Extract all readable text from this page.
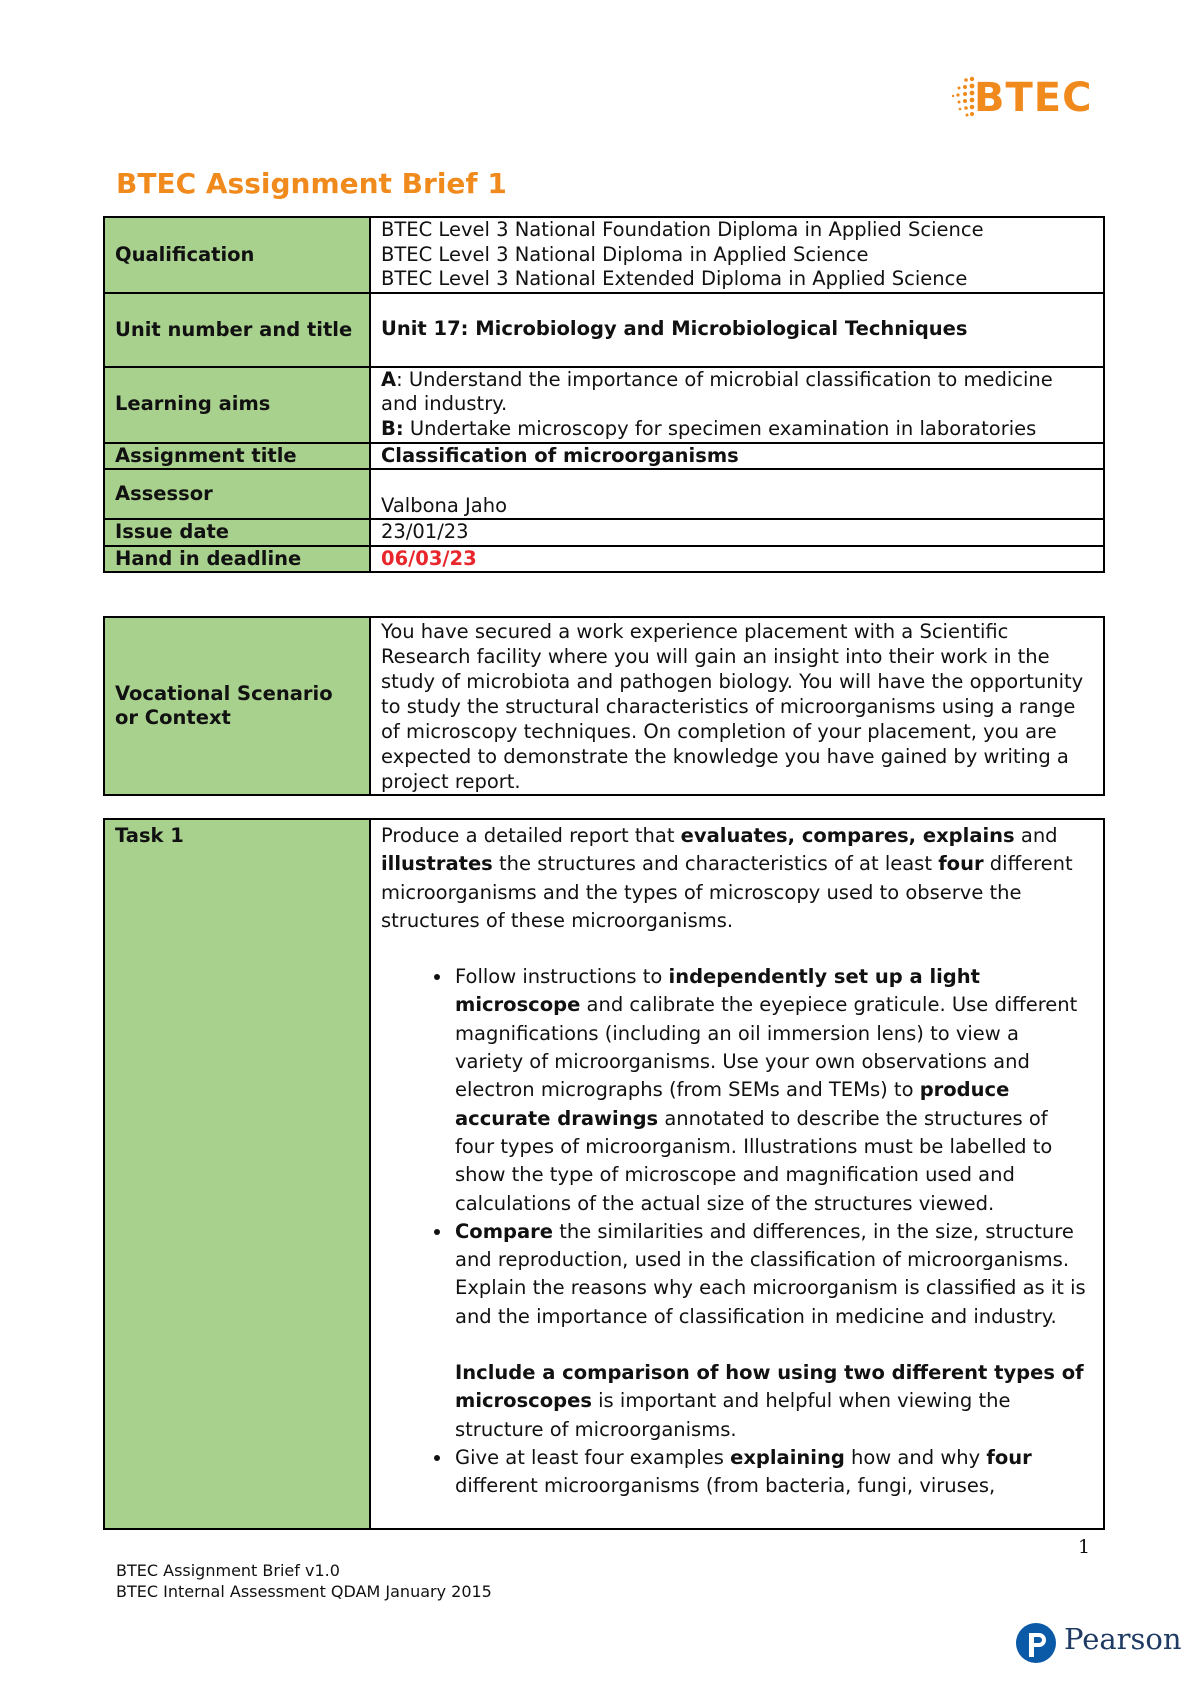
BTEC
BTEC Assignment Brief 1
Qualification	BTEC Level 3 National Foundation Diploma in Applied Science
BTEC Level 3 National Diploma in Applied Science
BTEC Level 3 National Extended Diploma in Applied Science

Unit number and title	Unit 17: Microbiology and Microbiological Techniques
Learning aims	A: Understand the importance of microbial classification to medicine and industry.
B: Undertake microscopy for specimen examination in laboratories

Assignment title	Classification of microorganisms
Assessor	Valbona Jaho
Issue date	23/01/23
Hand in deadline	06/03/23
Vocational Scenario or Context	You have secured a work experience placement with a Scientific Research facility where you will gain an insight into their work in the study of microbiota and pathogen biology. You will have the opportunity to study the structural characteristics of microorganisms using a range of microscopy techniques. On completion of your placement, you are expected to demonstrate the knowledge you have gained by writing a project report.
Task 1	Produce a detailed report that evaluates, compares, explains and illustrates the structures and characteristics of at least four different microorganisms and the types of microscopy used to observe the structures of these microorganisms.
• Follow instructions to independently set up a light microscope and calibrate the eyepiece graticule. Use different magnifications (including an oil immersion lens) to view a variety of microorganisms. Use your own observations and electron micrographs (from SEMs and TEMs) to produce accurate drawings annotated to describe the structures of four types of microorganism. Illustrations must be labelled to show the type of microscope and magnification used and calculations of the actual size of the structures viewed.
• Compare the similarities and differences, in the size, structure and reproduction, used in the classification of microorganisms. Explain the reasons why each microorganism is classified as it is and the importance of classification in medicine and industry.
Include a comparison of how using two different types of microscopes is important and helpful when viewing the structure of microorganisms.
• Give at least four examples explaining how and why four different microorganisms (from bacteria, fungi, viruses,
1
BTEC Assignment Brief v1.0
BTEC Internal Assessment QDAM January 2015
Pearson
